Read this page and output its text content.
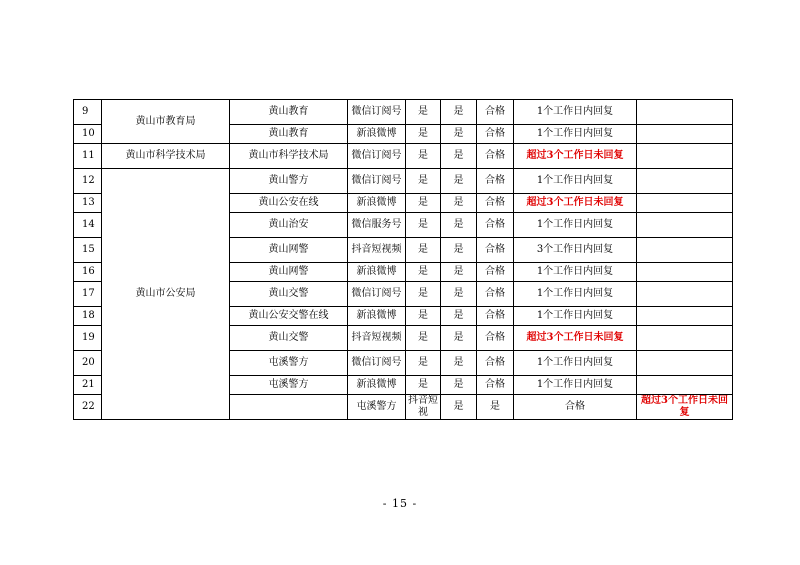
9	黄山市教育局	黄山教育	微信订阅号	是	是	合格	1个工作日内回复		
10		黄山教育	新浪微博	是	是	合格	1个工作日内回复		
11	黄山市科学技术局	黄山市科学技术局	微信订阅号	是	是	合格	超过3个工作日未回复		
12	黄山市公安局	黄山警方	微信订阅号	是	是	合格	1个工作日内回复		
13		黄山公安在线	新浪微博	是	是	合格	超过3个工作日未回复		
14		黄山治安	微信服务号	是	是	合格	1个工作日内回复		
15		黄山网警	抖音短视频	是	是	合格	3个工作日内回复		
16		黄山网警	新浪微博	是	是	合格	1个工作日内回复		
17		黄山交警	微信订阅号	是	是	合格	1个工作日内回复		
18		黄山公安交警在线	新浪微博	是	是	合格	1个工作日内回复		
19		黄山交警	抖音短视频	是	是	合格	超过3个工作日未回复		
20		屯溪警方	微信订阅号	是	是	合格	1个工作日内回复		
21		屯溪警方	新浪微博	是	是	合格	1个工作日内回复		
22			屯溪警方	抖音短视	是	是	合格	超过3个工作日未回复	
- 15 -
